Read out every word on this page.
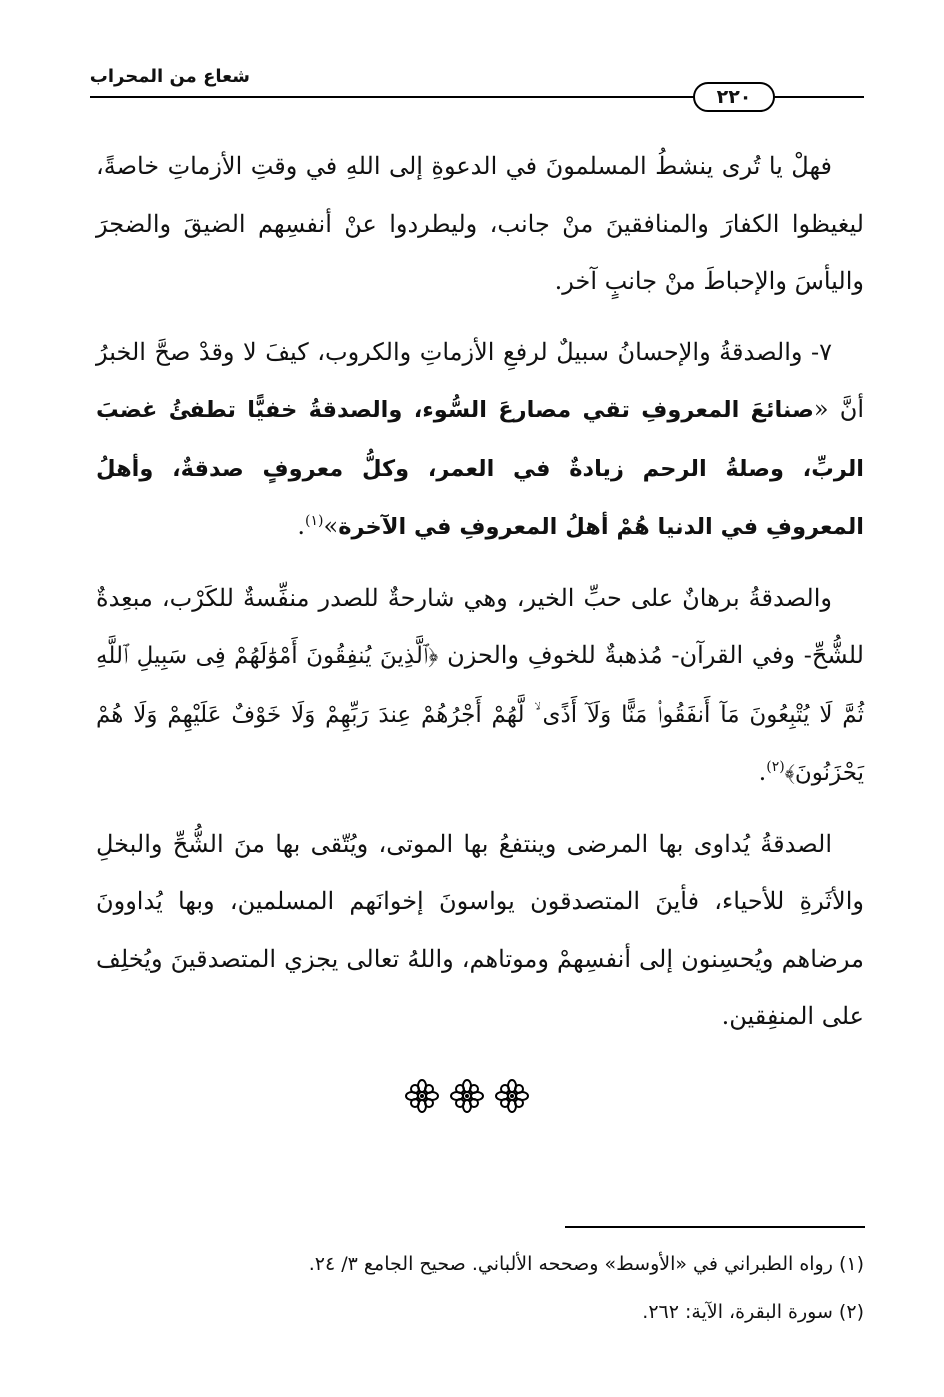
شعاع من المحراب
٢٢٠

فهلْ يا تُرى ينشطُ المسلمونَ في الدعوةِ إلى اللهِ في وقتِ الأزماتِ خاصةً، ليغيظوا الكفارَ والمنافقينَ منْ جانب، وليطردوا عنْ أنفسِهم الضيقَ والضجرَ واليأسَ والإحباطَ منْ جانبٍ آخر.

٧- والصدقةُ والإحسانُ سبيلٌ لرفعِ الأزماتِ والكروب، كيفَ لا وقدْ صحَّ الخبرُ أنَّ «صنائعَ المعروفِ تقي مصارعَ السُّوء، والصدقةُ خفيًّا تطفئُ غضبَ الربِّ، وصلةُ الرحم زيادةٌ في العمر، وكلُّ معروفٍ صدقةٌ، وأهلُ المعروفِ في الدنيا هُمْ أهلُ المعروفِ في الآخرة»$^{(١)}$.

والصدقةُ برهانٌ على حبِّ الخير، وهي شارحةٌ للصدر منفِّسةٌ للكَرْب، مبعِدةٌ للشُّحِّ- وفي القرآن- مُذهبةٌ للخوفِ والحزن ﴿ٱلَّذِينَ يُنفِقُونَ أَمْوَٰلَهُمْ فِى سَبِيلِ ٱللَّهِ ثُمَّ لَا يُتْبِعُونَ مَآ أَنفَقُوا۟ مَنًّا وَلَآ أَذًى ۙ لَّهُمْ أَجْرُهُمْ عِندَ رَبِّهِمْ وَلَا خَوْفٌ عَلَيْهِمْ وَلَا هُمْ يَحْزَنُونَ﴾$^{(٢)}$.

الصدقةُ يُداوى بها المرضى وينتفعُ بها الموتى، ويُتّقى بها منَ الشُّحِّ والبخلِ والأثَرةِ للأحياء، فأينَ المتصدقون يواسونَ إخوانَهم المسلمين، وبها يُداوونَ مرضاهم ويُحسِنون إلى أنفسِهمْ وموتاهم، واللهُ تعالى يجزي المتصدقينَ ويُخلِف على المنفِقين.

(١) رواه الطبراني في «الأوسط» وصححه الألباني. صحيح الجامع ٣/ ٢٤.
(٢) سورة البقرة، الآية: ٢٦٢.
